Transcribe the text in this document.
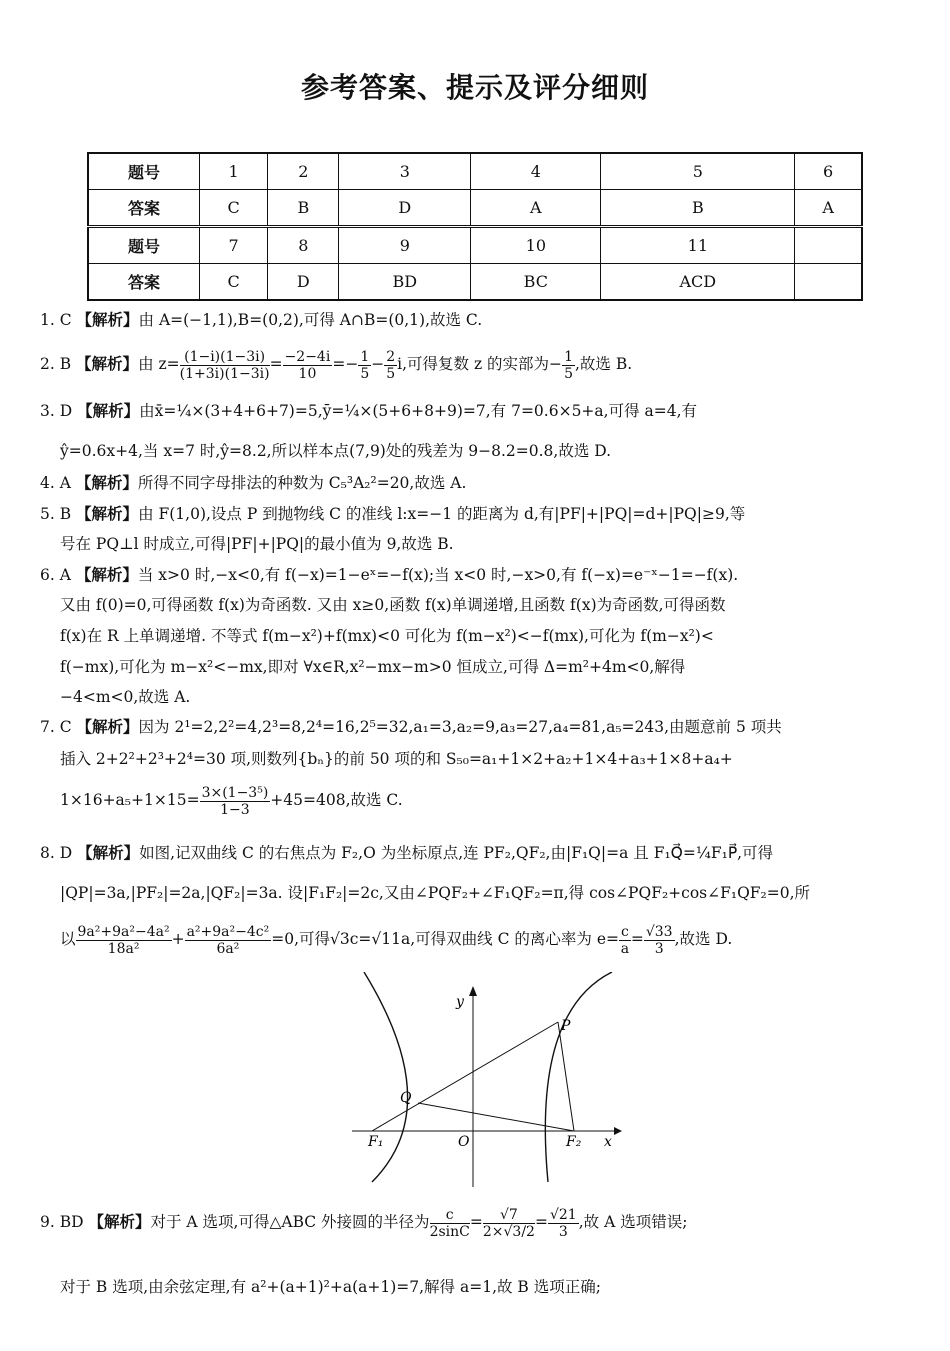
参考答案、提示及评分细则
题号	1	2	3	4	5	6
答案	C	B	D	A	B	A
题号	7	8	9	10	11	
答案	C	D	BD	BC	ACD	
1. C 【解析】由 A=(−1,1),B=(0,2),可得 A∩B=(0,1),故选 C.
2. B 【解析】由 $z= \frac{(1-i)(1-3i)}{(1+3i)(1-3i)} = \frac{-2-4i}{10} =- \frac{1}{5} - \frac{2}{5} i$,可得复数 z 的实部为− $\frac{1}{5}$ ,故选 B.
3. D 【解析】由x̄=¼×(3+4+6+7)=5,ȳ=¼×(5+6+8+9)=7,有 7=0.6×5+a,可得 a=4,有
ŷ=0.6x+4,当 x=7 时,ŷ=8.2,所以样本点(7,9)处的残差为 9−8.2=0.8,故选 D.
4. A 【解析】所得不同字母排法的种数为 C₅³A₂²=20,故选 A.
5. B 【解析】由 F(1,0),设点 P 到抛物线 C 的准线 l:x=−1 的距离为 d,有|PF|+|PQ|=d+|PQ|≥9,等
号在 PQ⊥l 时成立,可得|PF|+|PQ|的最小值为 9,故选 B.
6. A 【解析】当 x>0 时,−x<0,有 f(−x)=1−eˣ=−f(x);当 x<0 时,−x>0,有 f(−x)=e⁻ˣ−1=−f(x).
又由 f(0)=0,可得函数 f(x)为奇函数. 又由 x≥0,函数 f(x)单调递增,且函数 f(x)为奇函数,可得函数
f(x)在 R 上单调递增. 不等式 f(m−x²)+f(mx)<0 可化为 f(m−x²)<−f(mx),可化为 f(m−x²)<
f(−mx),可化为 m−x²<−mx,即对 ∀x∈R,x²−mx−m>0 恒成立,可得 Δ=m²+4m<0,解得
−4<m<0,故选 A.
7. C 【解析】因为 2¹=2,2²=4,2³=8,2⁴=16,2⁵=32,a₁=3,a₂=9,a₃=27,a₄=81,a₅=243,由题意前 5 项共
插入 2+2²+2³+2⁴=30 项,则数列{bₙ}的前 50 项的和 S₅₀=a₁+1×2+a₂+1×4+a₃+1×8+a₄+
$1\times 16+a_5+1\times 15= \frac{\text{3×(1−3⁵)}}{1-3} +45=408$,故选 C.
8. D 【解析】如图,记双曲线 C 的右焦点为 F₂,O 为坐标原点,连 PF₂,QF₂,由|F₁Q|=a 且 F₁Q⃗=¼F₁P⃗,可得
|QP|=3a,|PF₂|=2a,|QF₂|=3a. 设|F₁F₂|=2c,又由∠PQF₂+∠F₁QF₂=π,得 cos∠PQF₂+cos∠F₁QF₂=0,所
以 $\frac{\text{9a²+9a²−4a²}}{\text{18a²}} + \frac{\text{a²+9a²−4c²}}{\text{6a²}} =0$,可得√3c=√11a,可得双曲线 C 的离心率为 $e= \frac{c}{a} = \frac{√33}{3}$ ,故选 D.
y
x
P
Q
O
F₁	F₂
9. BD 【解析】对于 A 选项,可得△ABC 外接圆的半径为 $\frac{c}{2\sin C} = \frac{√7}{2\times√3/2} = \frac{√21}{3}$ ,故 A 选项错误;
对于 B 选项,由余弦定理,有 a²+(a+1)²+a(a+1)=7,解得 a=1,故 B 选项正确;
